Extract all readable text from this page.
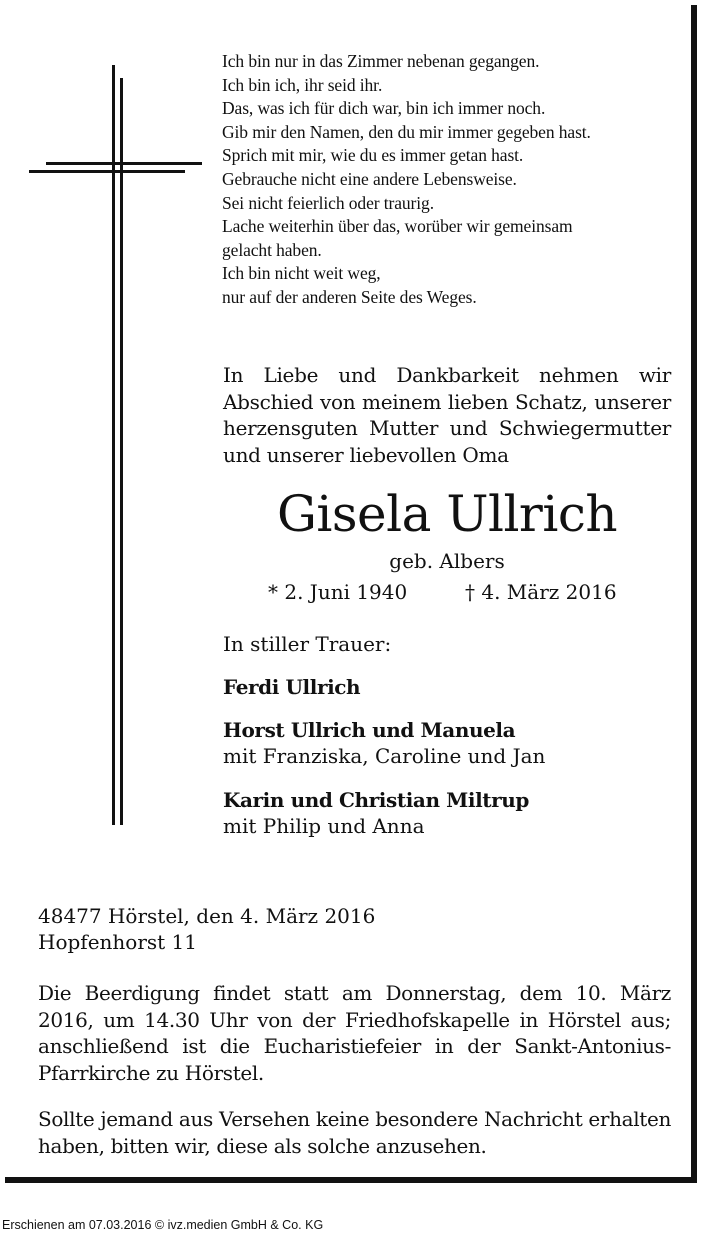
Ich bin nur in das Zimmer nebenan gegangen.
Ich bin ich, ihr seid ihr.
Das, was ich für dich war, bin ich immer noch.
Gib mir den Namen, den du mir immer gegeben hast.
Sprich mit mir, wie du es immer getan hast.
Gebrauche nicht eine andere Lebensweise.
Sei nicht feierlich oder traurig.
Lache weiterhin über das, worüber wir gemeinsam
gelacht haben.
Ich bin nicht weit weg,
nur auf der anderen Seite des Weges.
In Liebe und Dankbarkeit nehmen wir Abschied von meinem lieben Schatz, unserer herzensguten Mutter und Schwiegermutter und unserer liebevollen Oma
Gisela Ullrich
geb. Albers
* 2. Juni 1940	† 4. März 2016
In stiller Trauer:
Ferdi Ullrich
Horst Ullrich und Manuela
mit Franziska, Caroline und Jan
Karin und Christian Miltrup
mit Philip und Anna
48477 Hörstel, den 4. März 2016
Hopfenhorst 11
Die Beerdigung findet statt am Donnerstag, dem 10. März 2016, um 14.30 Uhr von der Friedhofskapelle in Hörstel aus; anschließend ist die Eucharistiefeier in der Sankt-Antonius-Pfarrkirche zu Hörstel.
Sollte jemand aus Versehen keine besondere Nachricht erhalten haben, bitten wir, diese als solche anzusehen.
Erschienen am 07.03.2016 © ivz.medien GmbH & Co. KG
